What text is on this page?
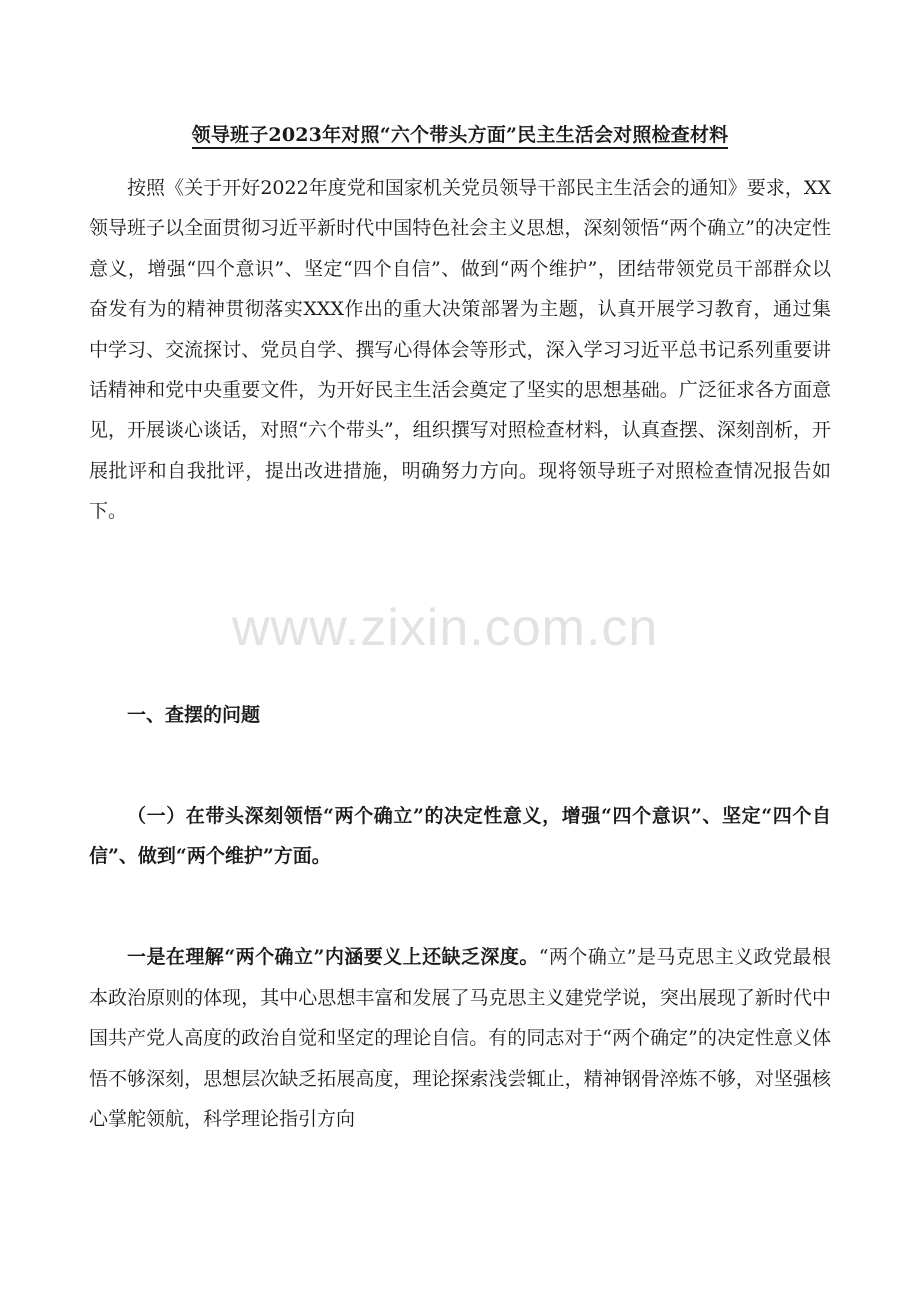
领导班子2023年对照“六个带头方面”民主生活会对照检查材料

按照《关于开好2022年度党和国家机关党员领导干部民主生活会的通知》要求，XX领导班子以全面贯彻习近平新时代中国特色社会主义思想，深刻领悟“两个确立”的决定性意义，增强“四个意识”、坚定“四个自信”、做到“两个维护”，团结带领党员干部群众以奋发有为的精神贯彻落实XXX作出的重大决策部署为主题，认真开展学习教育，通过集中学习、交流探讨、党员自学、撰写心得体会等形式，深入学习习近平总书记系列重要讲话精神和党中央重要文件，为开好民主生活会奠定了坚实的思想基础。广泛征求各方面意见，开展谈心谈话，对照“六个带头”，组织撰写对照检查材料，认真查摆、深刻剖析，开展批评和自我批评，提出改进措施，明确努力方向。现将领导班子对照检查情况报告如下。

www.zixin.com.cn
一、查摆的问题

（一）在带头深刻领悟“两个确立”的决定性意义，增强“四个意识”、坚定“四个自信”、做到“两个维护”方面。

一是在理解“两个确立”内涵要义上还缺乏深度。“两个确立”是马克思主义政党最根本政治原则的体现，其中心思想丰富和发展了马克思主义建党学说，突出展现了新时代中国共产党人高度的政治自觉和坚定的理论自信。有的同志对于“两个确定”的决定性意义体悟不够深刻，思想层次缺乏拓展高度，理论探索浅尝辄止，精神钢骨淬炼不够，对坚强核心掌舵领航，科学理论指引方向
